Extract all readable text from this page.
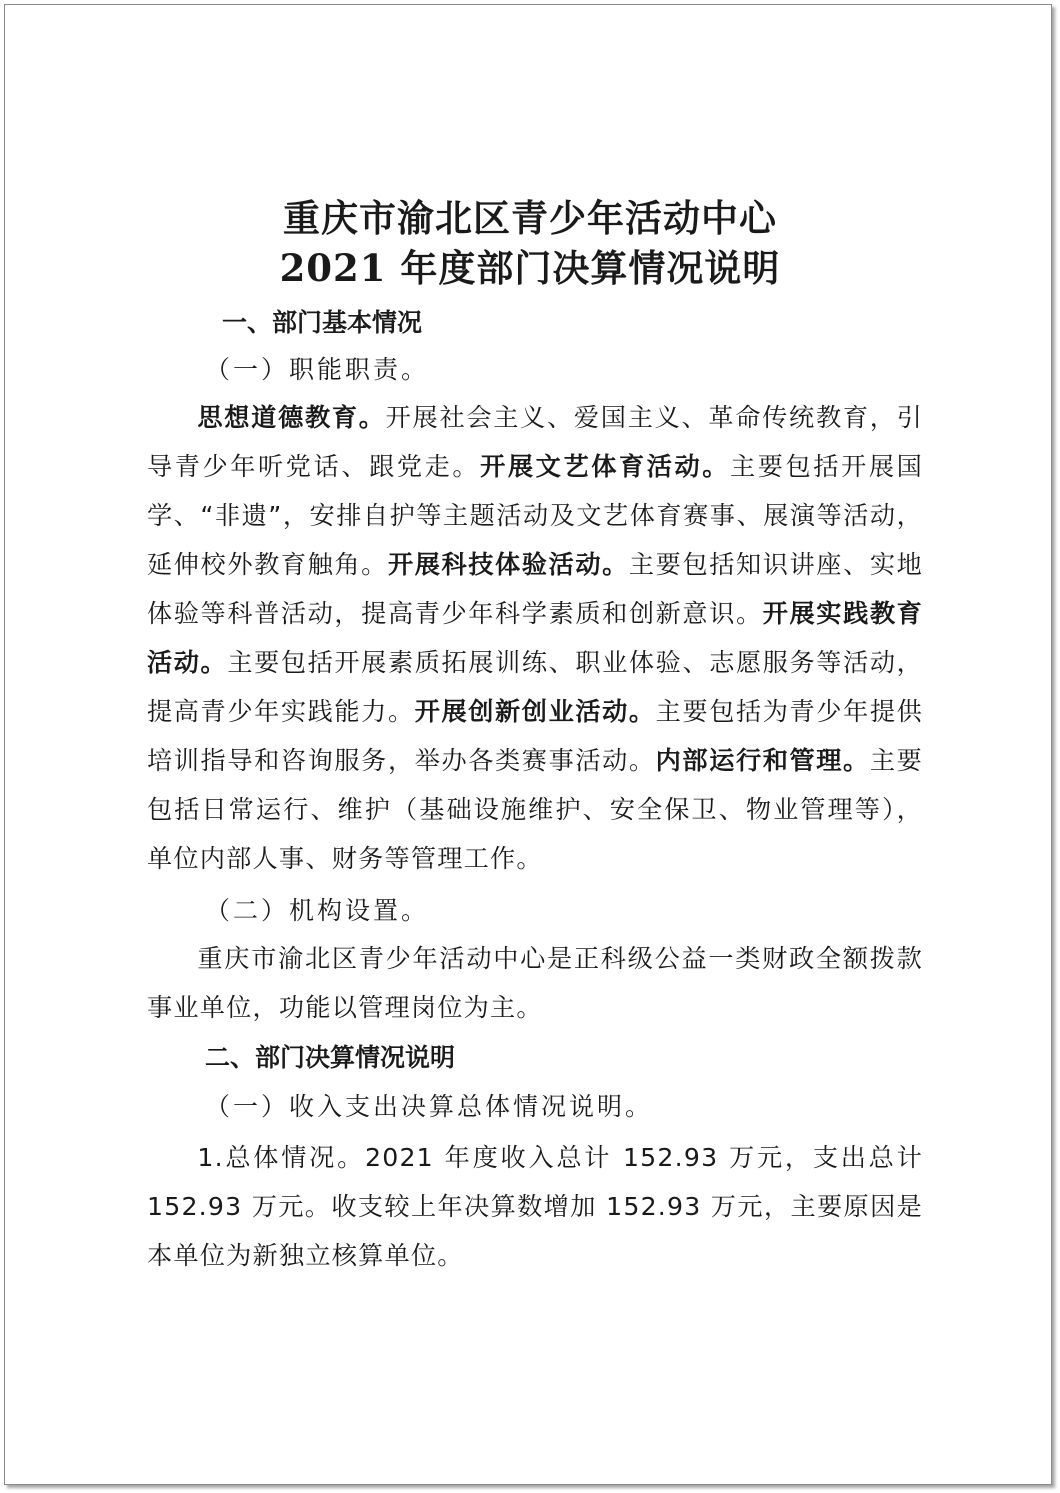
重庆市渝北区青少年活动中心
2021 年度部门决算情况说明
一、部门基本情况
（一）职能职责。

思想道德教育。开展社会主义、爱国主义、革命传统教育，引导青少年听党话、跟党走。开展文艺体育活动。主要包括开展国学、“非遗”，安排自护等主题活动及文艺体育赛事、展演等活动，延伸校外教育触角。开展科技体验活动。主要包括知识讲座、实地体验等科普活动，提高青少年科学素质和创新意识。开展实践教育活动。主要包括开展素质拓展训练、职业体验、志愿服务等活动，提高青少年实践能力。开展创新创业活动。主要包括为青少年提供培训指导和咨询服务，举办各类赛事活动。内部运行和管理。主要包括日常运行、维护（基础设施维护、安全保卫、物业管理等），单位内部人事、财务等管理工作。

（二）机构设置。

重庆市渝北区青少年活动中心是正科级公益一类财政全额拨款事业单位，功能以管理岗位为主。

二、部门决算情况说明
（一）收入支出决算总体情况说明。

1.总体情况。2021 年度收入总计 152.93 万元，支出总计 152.93 万元。收支较上年决算数增加 152.93 万元，主要原因是本单位为新独立核算单位。
